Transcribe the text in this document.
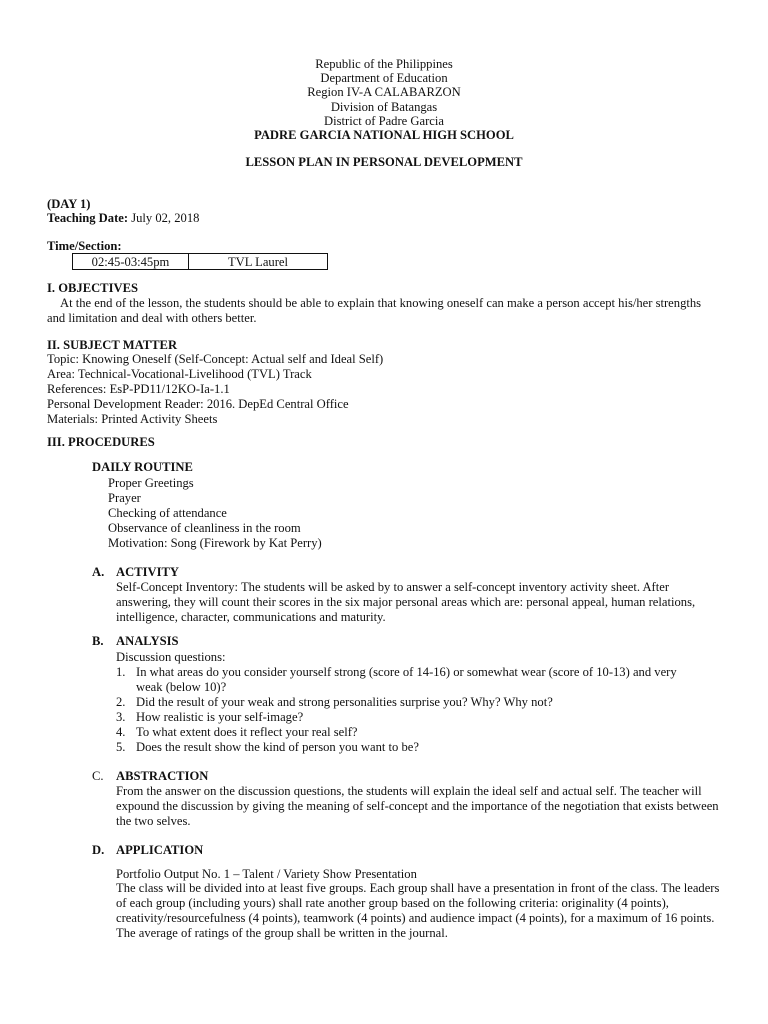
Republic of the Philippines
Department of Education
Region IV-A CALABARZON
Division of Batangas
District of Padre Garcia
PADRE GARCIA NATIONAL HIGH SCHOOL
LESSON PLAN IN PERSONAL DEVELOPMENT
(DAY 1)
Teaching Date: July 02, 2018
Time/Section:
02:45-03:45pm	TVL Laurel
I. OBJECTIVES
At the end of the lesson, the students should be able to explain that knowing oneself can make a person accept his/her strengths and limitation and deal with others better.
II. SUBJECT MATTER
Topic: Knowing Oneself (Self-Concept: Actual self and Ideal Self)
Area: Technical-Vocational-Livelihood (TVL) Track
References: EsP-PD11/12KO-Ia-1.1
Personal Development Reader: 2016. DepEd Central Office
Materials: Printed Activity Sheets
III. PROCEDURES
DAILY ROUTINE
Proper Greetings
Prayer
Checking of attendance
Observance of cleanliness in the room
Motivation: Song (Firework by Kat Perry)
A. ACTIVITY
Self-Concept Inventory: The students will be asked by to answer a self-concept inventory activity sheet. After answering, they will count their scores in the six major personal areas which are: personal appeal, human relations, intelligence, character, communications and maturity.
B. ANALYSIS
Discussion questions:
1. In what areas do you consider yourself strong (score of 14-16) or somewhat wear (score of 10-13) and very weak (below 10)?
2. Did the result of your weak and strong personalities surprise you? Why? Why not?
3. How realistic is your self-image?
4. To what extent does it reflect your real self?
5. Does the result show the kind of person you want to be?
C. ABSTRACTION
From the answer on the discussion questions, the students will explain the ideal self and actual self. The teacher will expound the discussion by giving the meaning of self-concept and the importance of the negotiation that exists between the two selves.
D. APPLICATION
Portfolio Output No. 1 – Talent / Variety Show Presentation
The class will be divided into at least five groups. Each group shall have a presentation in front of the class. The leaders of each group (including yours) shall rate another group based on the following criteria: originality (4 points), creativity/resourcefulness (4 points), teamwork (4 points) and audience impact (4 points), for a maximum of 16 points. The average of ratings of the group shall be written in the journal.
